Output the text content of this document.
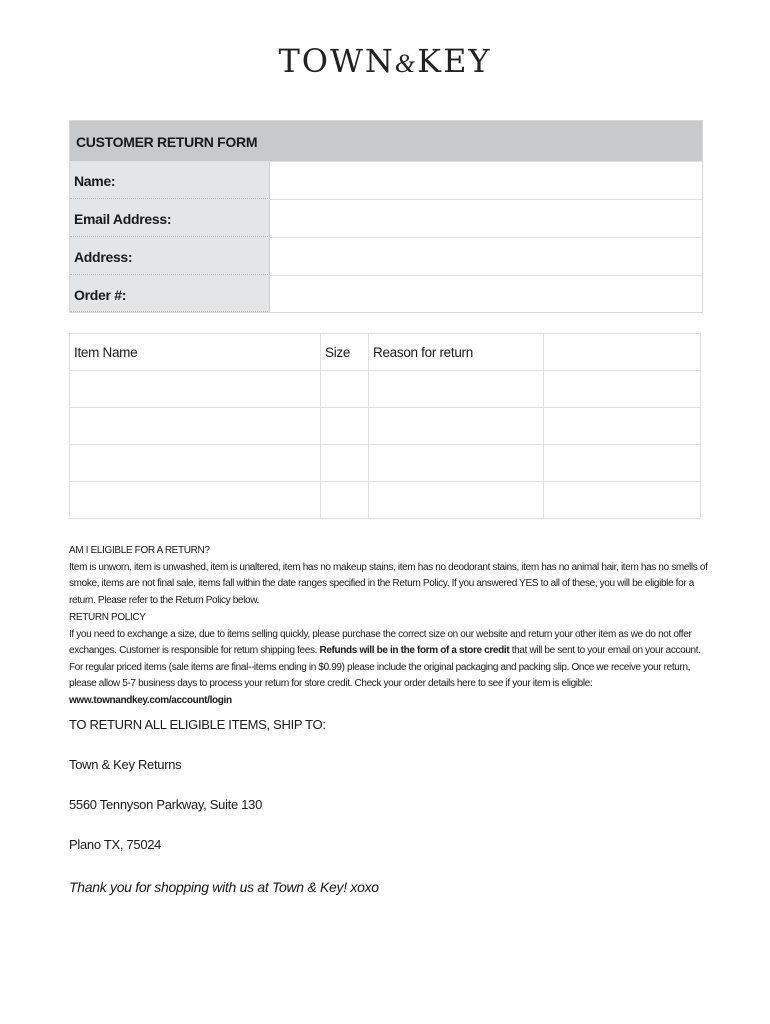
TOWN&KEY
CUSTOMER RETURN FORM
Name:
Email Address:
Address:
Order #:
Item Name	Size	Reason for return	

AM I ELIGIBLE FOR A RETURN?

Item is unworn, item is unwashed, item is unaltered, item has no makeup stains, item has no deodorant stains, item has no animal hair, item has no smells of smoke, items are not final sale, items fall within the date ranges specified in the Return Policy. If you answered YES to all of these, you will be eligible for a return. Please refer to the Return Policy below.

RETURN POLICY

If you need to exchange a size, due to items selling quickly, please purchase the correct size on our website and return your other item as we do not offer exchanges. Customer is responsible for return shipping fees. Refunds will be in the form of a store credit that will be sent to your email on your account. For regular priced items (sale items are final--items ending in $0.99) please include the original packaging and packing slip. Once we receive your return, please allow 5-7 business days to process your return for store credit. Check your order details here to see if your item is eligible: www.townandkey.com/account/login

TO RETURN ALL ELIGIBLE ITEMS, SHIP TO:
Town & Key Returns
5560 Tennyson Parkway, Suite 130
Plano TX, 75024
Thank you for shopping with us at Town & Key! xoxo
